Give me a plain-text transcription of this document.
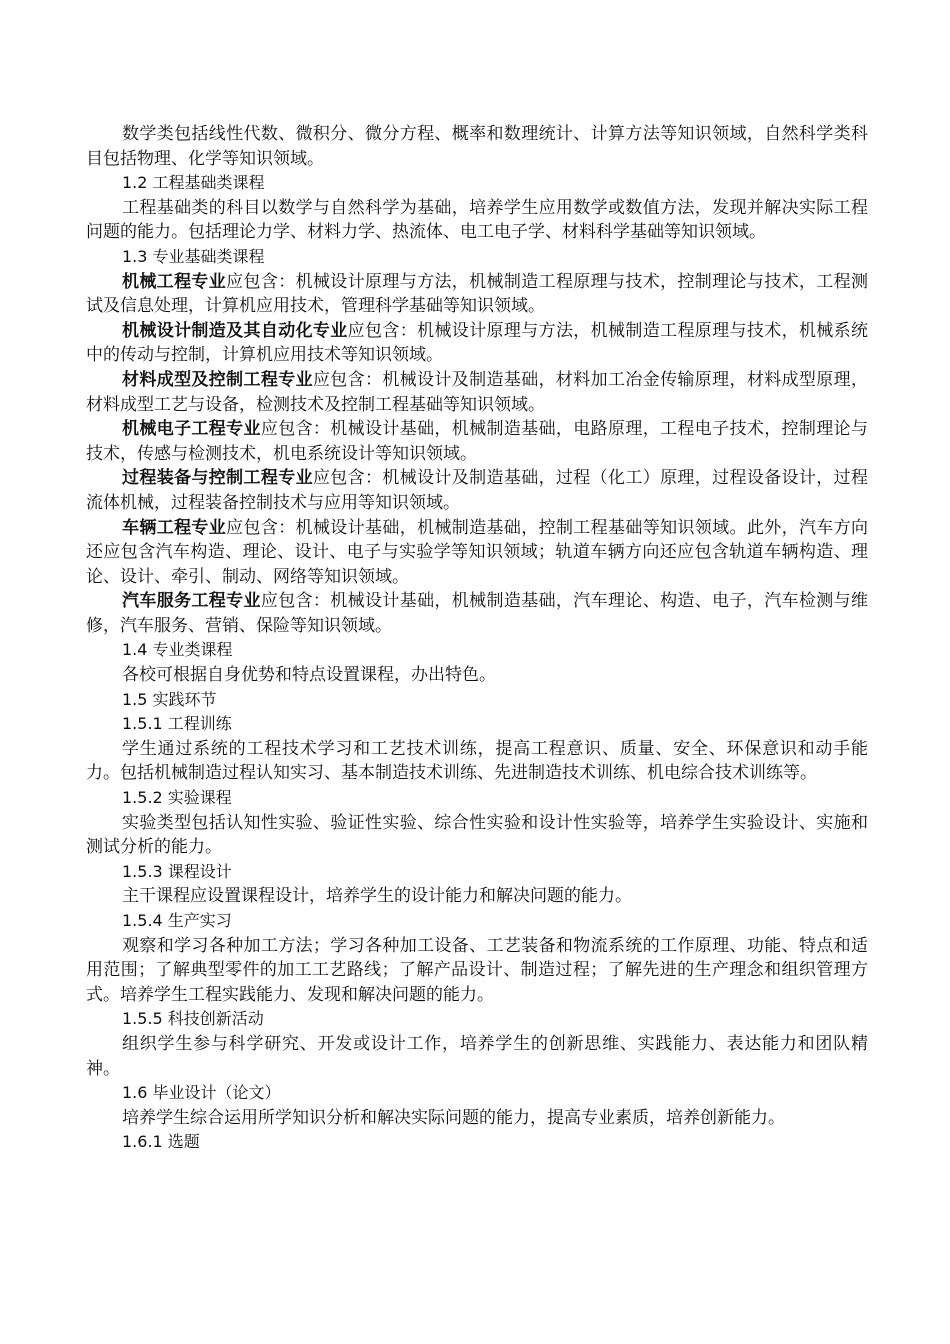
数学类包括线性代数、微积分、微分方程、概率和数理统计、计算方法等知识领域，自然科学类科目包括物理、化学等知识领域。

1.2 工程基础类课程

工程基础类的科目以数学与自然科学为基础，培养学生应用数学或数值方法，发现并解决实际工程问题的能力。包括理论力学、材料力学、热流体、电工电子学、材料科学基础等知识领域。

1.3 专业基础类课程

机械工程专业应包含：机械设计原理与方法，机械制造工程原理与技术，控制理论与技术，工程测试及信息处理，计算机应用技术，管理科学基础等知识领域。

机械设计制造及其自动化专业应包含：机械设计原理与方法，机械制造工程原理与技术，机械系统中的传动与控制，计算机应用技术等知识领域。

材料成型及控制工程专业应包含：机械设计及制造基础，材料加工冶金传输原理，材料成型原理，材料成型工艺与设备，检测技术及控制工程基础等知识领域。

机械电子工程专业应包含：机械设计基础，机械制造基础，电路原理，工程电子技术，控制理论与技术，传感与检测技术，机电系统设计等知识领域。

过程装备与控制工程专业应包含：机械设计及制造基础，过程（化工）原理，过程设备设计，过程流体机械，过程装备控制技术与应用等知识领域。

车辆工程专业应包含：机械设计基础，机械制造基础，控制工程基础等知识领域。此外，汽车方向还应包含汽车构造、理论、设计、电子与实验学等知识领域；轨道车辆方向还应包含轨道车辆构造、理论、设计、牵引、制动、网络等知识领域。

汽车服务工程专业应包含：机械设计基础，机械制造基础，汽车理论、构造、电子，汽车检测与维修，汽车服务、营销、保险等知识领域。

1.4 专业类课程

各校可根据自身优势和特点设置课程，办出特色。

1.5 实践环节

1.5.1 工程训练

学生通过系统的工程技术学习和工艺技术训练，提高工程意识、质量、安全、环保意识和动手能力。包括机械制造过程认知实习、基本制造技术训练、先进制造技术训练、机电综合技术训练等。

1.5.2 实验课程

实验类型包括认知性实验、验证性实验、综合性实验和设计性实验等，培养学生实验设计、实施和测试分析的能力。

1.5.3 课程设计

主干课程应设置课程设计，培养学生的设计能力和解决问题的能力。

1.5.4 生产实习

观察和学习各种加工方法；学习各种加工设备、工艺装备和物流系统的工作原理、功能、特点和适用范围；了解典型零件的加工工艺路线；了解产品设计、制造过程；了解先进的生产理念和组织管理方式。培养学生工程实践能力、发现和解决问题的能力。

1.5.5 科技创新活动

组织学生参与科学研究、开发或设计工作，培养学生的创新思维、实践能力、表达能力和团队精神。

1.6 毕业设计（论文）

培养学生综合运用所学知识分析和解决实际问题的能力，提高专业素质，培养创新能力。

1.6.1 选题
